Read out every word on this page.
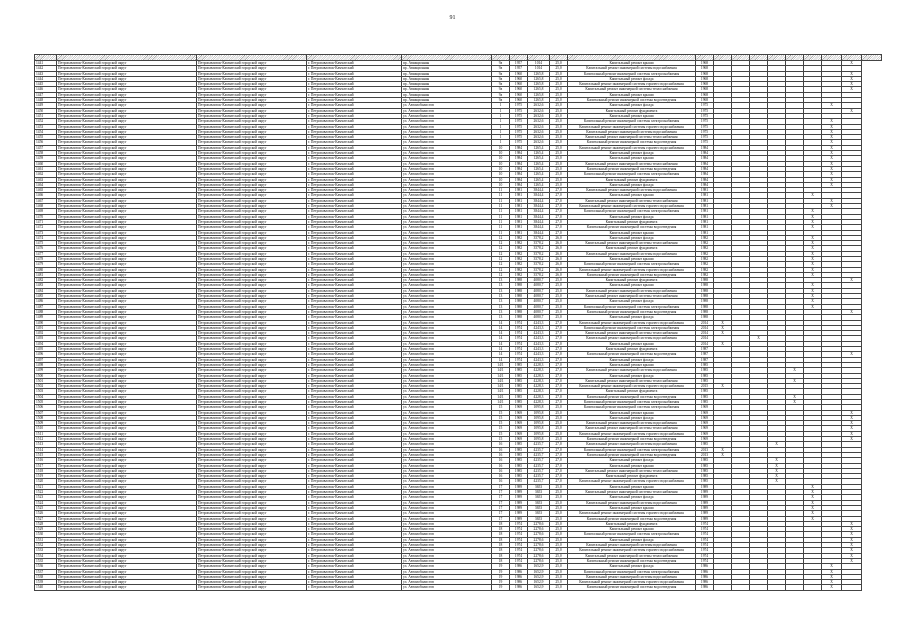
91

1441	Петропавловск-Камчатский городской округ	Петропавловск-Камчатский городской округ	г. Петропавловск-Камчатский	пр. Авиационная	9а	1957	1014	25,0	Капитальный ремонт крыши	1968								X	
1442	Петропавловск-Камчатский городской округ	Петропавловск-Камчатский городской округ	г. Петропавловск-Камчатский	пр. Авиационная	9а	1957	1014	25,0	Капитальный ремонт инженерной системы водоснабжения	1968									
1443	Петропавловск-Камчатский городской округ	Петропавловск-Камчатский городской округ	г. Петропавловск-Камчатский	пр. Авиационная	9а	1960	1265,8	25,0	Капитальный ремонт инженерной системы электроснабжения	1968								X	
1444	Петропавловск-Камчатский городской округ	Петропавловск-Камчатский городской округ	г. Петропавловск-Камчатский	пр. Авиационная	9а	1960	1265,8	25,0	Капитальный ремонт фасада	1968								X	
1445	Петропавловск-Камчатский городской округ	Петропавловск-Камчатский городской округ	г. Петропавловск-Камчатский	пр. Авиационная	9а	1960	1265,8	25,0	Капитальный ремонт инженерной системы горячего водоснабжения	1968								X	
1446	Петропавловск-Камчатский городской округ	Петропавловск-Камчатский городской округ	г. Петропавловск-Камчатский	пр. Авиационная	9а	1960	1265,8	25,0	Капитальный ремонт инженерной системы теплоснабжения	1968								X	
1447	Петропавловск-Камчатский городской округ	Петропавловск-Камчатский городской округ	г. Петропавловск-Камчатский	пр. Авиационная	9а	1960	1265,8	25,0	Капитальный ремонт крыши	1968									
1448	Петропавловск-Камчатский городской округ	Петропавловск-Камчатский городской округ	г. Петропавловск-Камчатский	пр. Авиационная	9а	1960	1265,8	25,0	Капитальный ремонт инженерной системы водоотведения	1968									
1449	Петропавловск-Камчатский городской округ	Петропавловск-Камчатский городской округ	г. Петропавловск-Камчатский	ул. Автомобилистов	1	1975	2632,6	25,0	Капитальный ремонт фасада	1975							X		
1450	Петропавловск-Камчатский городской округ	Петропавловск-Камчатский городской округ	г. Петропавловск-Камчатский	ул. Автомобилистов	1	1975	2632,6	25,0	Капитальный ремонт фундамента	1975								X	
1451	Петропавловск-Камчатский городской округ	Петропавловск-Камчатский городской округ	г. Петропавловск-Камчатский	ул. Автомобилистов	1	1975	2632,6	25,0	Капитальный ремонт крыши	1975									
1452	Петропавловск-Камчатский городской округ	Петропавловск-Камчатский городской округ	г. Петропавловск-Камчатский	ул. Автомобилистов	1	1975	2632,6	25,0	Капитальный ремонт инженерной системы электроснабжения	1975							X		
1453	Петропавловск-Камчатский городской округ	Петропавловск-Камчатский городской округ	г. Петропавловск-Камчатский	ул. Автомобилистов	1	1975	2632,6	25,0	Капитальный ремонт инженерной системы горячего водоснабжения	1975							X		
1454	Петропавловск-Камчатский городской округ	Петропавловск-Камчатский городской округ	г. Петропавловск-Камчатский	ул. Автомобилистов	1	1975	2632,6	25,0	Капитальный ремонт инженерной системы водоснабжения	1975							X		
1455	Петропавловск-Камчатский городской округ	Петропавловск-Камчатский городской округ	г. Петропавловск-Камчатский	ул. Автомобилистов	1	1975	2632,6	25,0	Капитальный ремонт инженерной системы теплоснабжения	1975							X		
1456	Петропавловск-Камчатский городской округ	Петропавловск-Камчатский городской округ	г. Петропавловск-Камчатский	ул. Автомобилистов	1	1975	2632,6	25,0	Капитальный ремонт инженерной системы водоотведения	1975							X		
1457	Петропавловск-Камчатский городской округ	Петропавловск-Камчатский городской округ	г. Петропавловск-Камчатский	ул. Автомобилистов	10	1984	1265,4	25,0	Капитальный ремонт инженерной системы горячего водоснабжения	1984							X		
1458	Петропавловск-Камчатский городской округ	Петропавловск-Камчатский городской округ	г. Петропавловск-Камчатский	ул. Автомобилистов	10	1984	1265,4	25,0	Капитальный ремонт фасада	1984							X		
1459	Петропавловск-Камчатский городской округ	Петропавловск-Камчатский городской округ	г. Петропавловск-Камчатский	ул. Автомобилистов	10	1984	1265,4	25,0	Капитальный ремонт крыши	1984							X		
1460	Петропавловск-Камчатский городской округ	Петропавловск-Камчатский городской округ	г. Петропавловск-Камчатский	ул. Автомобилистов	10	1984	1265,4	25,0	Капитальный ремонт инженерной системы теплоснабжения	1984							X		
1461	Петропавловск-Камчатский городской округ	Петропавловск-Камчатский городской округ	г. Петропавловск-Камчатский	ул. Автомобилистов	10	1984	1265,4	25,0	Капитальный ремонт инженерной системы водоотведения	1984							X		
1462	Петропавловск-Камчатский городской округ	Петропавловск-Камчатский городской округ	г. Петропавловск-Камчатский	ул. Автомобилистов	10	1984	1265,4	25,0	Капитальный ремонт инженерной системы электроснабжения	1984							X		
1463	Петропавловск-Камчатский городской округ	Петропавловск-Камчатский городской округ	г. Петропавловск-Камчатский	ул. Автомобилистов	10	1984	1265,4	25,0	Капитальный ремонт фундамента	1984							X		
1464	Петропавловск-Камчатский городской округ	Петропавловск-Камчатский городской округ	г. Петропавловск-Камчатский	ул. Автомобилистов	10	1984	1265,4	25,0	Капитальный ремонт фасада	1984							X		
1465	Петропавловск-Камчатский городской округ	Петропавловск-Камчатский городской округ	г. Петропавловск-Камчатский	ул. Автомобилистов	11	1981	3844,4	27,0	Капитальный ремонт инженерной системы водоснабжения	1981									
1466	Петропавловск-Камчатский городской округ	Петропавловск-Камчатский городской округ	г. Петропавловск-Камчатский	ул. Автомобилистов	11	1981	3844,4	27,0	Капитальный ремонт крыши	1981						X			
1467	Петропавловск-Камчатский городской округ	Петропавловск-Камчатский городской округ	г. Петропавловск-Камчатский	ул. Автомобилистов	11	1981	3844,4	27,0	Капитальный ремонт инженерной системы теплоснабжения	1981							X		
1468	Петропавловск-Камчатский городской округ	Петропавловск-Камчатский городской округ	г. Петропавловск-Камчатский	ул. Автомобилистов	11	1981	3844,4	27,0	Капитальный ремонт инженерной системы горячего водоснабжения	1981							X		
1469	Петропавловск-Камчатский городской округ	Петропавловск-Камчатский городской округ	г. Петропавловск-Камчатский	ул. Автомобилистов	11	1981	3844,4	27,0	Капитальный ремонт инженерной системы электроснабжения	1981						X			
1470	Петропавловск-Камчатский городской округ	Петропавловск-Камчатский городской округ	г. Петропавловск-Камчатский	ул. Автомобилистов	11	1981	3844,4	27,0	Капитальный ремонт фасада	1981						X			
1471	Петропавловск-Камчатский городской округ	Петропавловск-Камчатский городской округ	г. Петропавловск-Камчатский	ул. Автомобилистов	11	1981	3844,4	27,0	Капитальный ремонт фундамента	1981						X			
1472	Петропавловск-Камчатский городской округ	Петропавловск-Камчатский городской округ	г. Петропавловск-Камчатский	ул. Автомобилистов	11	1981	3844,4	27,0	Капитальный ремонт инженерной системы водоотведения	1981						X			
1473	Петропавловск-Камчатский городской округ	Петропавловск-Камчатский городской округ	г. Петропавловск-Камчатский	ул. Автомобилистов	11	1981	3844,4	27,0	Капитальный ремонт крыши	1981									
1474	Петропавловск-Камчатский городской округ	Петропавловск-Камчатский городской округ	г. Петропавловск-Камчатский	ул. Автомобилистов	12	1982	3578,2	26,0	Капитальный ремонт фасада	1982						X			
1475	Петропавловск-Камчатский городской округ	Петропавловск-Камчатский городской округ	г. Петропавловск-Камчатский	ул. Автомобилистов	12	1982	3578,2	26,0	Капитальный ремонт инженерной системы теплоснабжения	1982						X			
1476	Петропавловск-Камчатский городской округ	Петропавловск-Камчатский городской округ	г. Петропавловск-Камчатский	ул. Автомобилистов	12	1982	3578,2	26,0	Капитальный ремонт фундамента	1982						X			
1477	Петропавловск-Камчатский городской округ	Петропавловск-Камчатский городской округ	г. Петропавловск-Камчатский	ул. Автомобилистов	12	1982	3578,2	26,0	Капитальный ремонт инженерной системы водоснабжения	1982						X			
1478	Петропавловск-Камчатский городской округ	Петропавловск-Камчатский городской округ	г. Петропавловск-Камчатский	ул. Автомобилистов	12	1982	3578,2	26,0	Капитальный ремонт крыши	1982						X			
1479	Петропавловск-Камчатский городской округ	Петропавловск-Камчатский городской округ	г. Петропавловск-Камчатский	ул. Автомобилистов	12	1982	3578,2	26,0	Капитальный ремонт инженерной системы электроснабжения	1982						X			
1480	Петропавловск-Камчатский городской округ	Петропавловск-Камчатский городской округ	г. Петропавловск-Камчатский	ул. Автомобилистов	12	1982	3578,2	26,0	Капитальный ремонт инженерной системы горячего водоснабжения	1982						X			
1481	Петропавловск-Камчатский городской округ	Петропавловск-Камчатский городской округ	г. Петропавловск-Камчатский	ул. Автомобилистов	12	1982	3578,2	26,0	Капитальный ремонт инженерной системы водоотведения	1982						X			
1482	Петропавловск-Камчатский городской округ	Петропавловск-Камчатский городской округ	г. Петропавловск-Камчатский	ул. Автомобилистов	13	1988	4080,7	25,0	Капитальный ремонт фундамента	1988								X	
1483	Петропавловск-Камчатский городской округ	Петропавловск-Камчатский городской округ	г. Петропавловск-Камчатский	ул. Автомобилистов	13	1988	4080,7	25,0	Капитальный ремонт крыши	1988						X			
1484	Петропавловск-Камчатский городской округ	Петропавловск-Камчатский городской округ	г. Петропавловск-Камчатский	ул. Автомобилистов	13	1988	4080,7	25,0	Капитальный ремонт инженерной системы водоснабжения	1988						X			
1485	Петропавловск-Камчатский городской округ	Петропавловск-Камчатский городской округ	г. Петропавловск-Камчатский	ул. Автомобилистов	13	1988	4080,7	25,0	Капитальный ремонт инженерной системы теплоснабжения	1988						X			
1486	Петропавловск-Камчатский городской округ	Петропавловск-Камчатский городской округ	г. Петропавловск-Камчатский	ул. Автомобилистов	13	1988	4080,7	25,0	Капитальный ремонт фасада	1988						X			
1487	Петропавловск-Камчатский городской округ	Петропавловск-Камчатский городской округ	г. Петропавловск-Камчатский	ул. Автомобилистов	13	1988	4080,7	25,0	Капитальный ремонт инженерной системы электроснабжения	1988						X			
1488	Петропавловск-Камчатский городской округ	Петропавловск-Камчатский городской округ	г. Петропавловск-Камчатский	ул. Автомобилистов	13	1988	4080,7	25,0	Капитальный ремонт инженерной системы водоотведения	1988								X	
1489	Петропавловск-Камчатский городской округ	Петропавловск-Камчатский городской округ	г. Петропавловск-Камчатский	ул. Автомобилистов	13	1988	4080,7	25,0	Капитальный ремонт фасада	1988									
1490	Петропавловск-Камчатский городской округ	Петропавловск-Камчатский городской округ	г. Петропавловск-Камчатский	ул. Автомобилистов	14	1974	4243,3	27,0	Капитальный ремонт инженерной системы горячего водоснабжения	2014	X								
1491	Петропавловск-Камчатский городской округ	Петропавловск-Камчатский городской округ	г. Петропавловск-Камчатский	ул. Автомобилистов	14	1974	4243,3	27,0	Капитальный ремонт инженерной системы электроснабжения	2014	X								
1492	Петропавловск-Камчатский городской округ	Петропавловск-Камчатский городской округ	г. Петропавловск-Камчатский	ул. Автомобилистов	14	1974	4243,3	27,0	Капитальный ремонт инженерной системы теплоснабжения	2014	X								
1493	Петропавловск-Камчатский городской округ	Петропавловск-Камчатский городской округ	г. Петропавловск-Камчатский	ул. Автомобилистов	14	1974	4243,3	27,0	Капитальный ремонт инженерной системы водоснабжения	2014			X						
1494	Петропавловск-Камчатский городской округ	Петропавловск-Камчатский городской округ	г. Петропавловск-Камчатский	ул. Автомобилистов	14	1974	4243,3	27,0	Капитальный ремонт крыши	2014	X								
1495	Петропавловск-Камчатский городской округ	Петропавловск-Камчатский городской округ	г. Петропавловск-Камчатский	ул. Автомобилистов	14	1974	4243,3	27,0	Капитальный ремонт фундамента	1987									
1496	Петропавловск-Камчатский городской округ	Петропавловск-Камчатский городской округ	г. Петропавловск-Камчатский	ул. Автомобилистов	14	1974	4243,3	27,0	Капитальный ремонт инженерной системы водоотведения	1987								X	
1497	Петропавловск-Камчатский городской округ	Петропавловск-Камчатский городской округ	г. Петропавловск-Камчатский	ул. Автомобилистов	14	1974	4243,3	27,0	Капитальный ремонт фасада	1987									
1498	Петропавловск-Камчатский городской округ	Петропавловск-Камчатский городской округ	г. Петропавловск-Камчатский	ул. Автомобилистов	14/1	1985	4228,3	27,0	Капитальный ремонт крыши	1985									
1499	Петропавловск-Камчатский городской округ	Петропавловск-Камчатский городской округ	г. Петропавловск-Камчатский	ул. Автомобилистов	14/1	1985	4228,3	27,0	Капитальный ремонт инженерной системы водоснабжения	1985					X				
1500	Петропавловск-Камчатский городской округ	Петропавловск-Камчатский городской округ	г. Петропавловск-Камчатский	ул. Автомобилистов	14/1	1985	4228,3	27,0	Капитальный ремонт фасада	1985									
1501	Петропавловск-Камчатский городской округ	Петропавловск-Камчатский городской округ	г. Петропавловск-Камчатский	ул. Автомобилистов	14/1	1985	4228,3	27,0	Капитальный ремонт инженерной системы теплоснабжения	1985					X				
1502	Петропавловск-Камчатский городской округ	Петропавловск-Камчатский городской округ	г. Петропавловск-Камчатский	ул. Автомобилистов	14/1	1985	4228,3	27,0	Капитальный ремонт инженерной системы горячего водоснабжения	2015	X								
1503	Петропавловск-Камчатский городской округ	Петропавловск-Камчатский городской округ	г. Петропавловск-Камчатский	ул. Автомобилистов	14/1	1985	4228,3	27,0	Капитальный ремонт фундамента	1985									
1504	Петропавловск-Камчатский городской округ	Петропавловск-Камчатский городской округ	г. Петропавловск-Камчатский	ул. Автомобилистов	14/1	1985	4228,3	27,0	Капитальный ремонт инженерной системы водоотведения	1985					X				
1505	Петропавловск-Камчатский городской округ	Петропавловск-Камчатский городской округ	г. Петропавловск-Камчатский	ул. Автомобилистов	14/1	1985	4228,3	27,0	Капитальный ремонт инженерной системы электроснабжения	1985					X				
1506	Петропавловск-Камчатский городской округ	Петропавловск-Камчатский городской округ	г. Петропавловск-Камчатский	ул. Автомобилистов	15	1969	1095,8	25,0	Капитальный ремонт инженерной системы электроснабжения	1969									
1507	Петропавловск-Камчатский городской округ	Петропавловск-Камчатский городской округ	г. Петропавловск-Камчатский	ул. Автомобилистов	15	1969	1095,8	25,0	Капитальный ремонт крыши	1969								X	
1508	Петропавловск-Камчатский городской округ	Петропавловск-Камчатский городской округ	г. Петропавловск-Камчатский	ул. Автомобилистов	15	1969	1095,8	25,0	Капитальный ремонт фасада	1969								X	
1509	Петропавловск-Камчатский городской округ	Петропавловск-Камчатский городской округ	г. Петропавловск-Камчатский	ул. Автомобилистов	15	1969	1095,8	25,0	Капитальный ремонт инженерной системы водоснабжения	1969								X	
1510	Петропавловск-Камчатский городской округ	Петропавловск-Камчатский городской округ	г. Петропавловск-Камчатский	ул. Автомобилистов	15	1969	1095,8	25,0	Капитальный ремонт инженерной системы теплоснабжения	1969								X	
1511	Петропавловск-Камчатский городской округ	Петропавловск-Камчатский городской округ	г. Петропавловск-Камчатский	ул. Автомобилистов	15	1969	1095,8	25,0	Капитальный ремонт инженерной системы горячего водоснабжения	1969								X	
1512	Петропавловск-Камчатский городской округ	Петропавловск-Камчатский городской округ	г. Петропавловск-Камчатский	ул. Автомобилистов	15	1969	1095,8	25,0	Капитальный ремонт инженерной системы водоотведения	1969								X	
1513	Петропавловск-Камчатский городской округ	Петропавловск-Камчатский городской округ	г. Петропавловск-Камчатский	ул. Автомобилистов	16	1985	4235,7	27,0	Капитальный ремонт инженерной системы водоснабжения	1985				X					
1514	Петропавловск-Камчатский городской округ	Петропавловск-Камчатский городской округ	г. Петропавловск-Камчатский	ул. Автомобилистов	16	1985	4235,7	27,0	Капитальный ремонт инженерной системы электроснабжения	2013	X								
1515	Петропавловск-Камчатский городской округ	Петропавловск-Камчатский городской округ	г. Петропавловск-Камчатский	ул. Автомобилистов	16	1985	4235,7	27,0	Капитальный ремонт инженерной системы водоотведения	2013	X								
1516	Петропавловск-Камчатский городской округ	Петропавловск-Камчатский городской округ	г. Петропавловск-Камчатский	ул. Автомобилистов	16	1985	4235,7	27,0	Капитальный ремонт фасада	1985				X					
1517	Петропавловск-Камчатский городской округ	Петропавловск-Камчатский городской округ	г. Петропавловск-Камчатский	ул. Автомобилистов	16	1985	4235,7	27,0	Капитальный ремонт крыши	1985				X					
1518	Петропавловск-Камчатский городской округ	Петропавловск-Камчатский городской округ	г. Петропавловск-Камчатский	ул. Автомобилистов	16	1985	4235,7	27,0	Капитальный ремонт инженерной системы теплоснабжения	1985				X					
1519	Петропавловск-Камчатский городской округ	Петропавловск-Камчатский городской округ	г. Петропавловск-Камчатский	ул. Автомобилистов	16	1985	4235,7	27,0	Капитальный ремонт фундамента	1985				X					
1520	Петропавловск-Камчатский городской округ	Петропавловск-Камчатский городской округ	г. Петропавловск-Камчатский	ул. Автомобилистов	16	1985	4235,7	27,0	Капитальный ремонт инженерной системы горячего водоснабжения	1985				X					
1521	Петропавловск-Камчатский городской округ	Петропавловск-Камчатский городской округ	г. Петропавловск-Камчатский	ул. Автомобилистов	17	1989	3653	25,0	Капитальный ремонт крыши	1989						X			
1522	Петропавловск-Камчатский городской округ	Петропавловск-Камчатский городской округ	г. Петропавловск-Камчатский	ул. Автомобилистов	17	1989	3653	25,0	Капитальный ремонт инженерной системы теплоснабжения	1989						X			
1523	Петропавловск-Камчатский городской округ	Петропавловск-Камчатский городской округ	г. Петропавловск-Камчатский	ул. Автомобилистов	17	1989	3653	25,0	Капитальный ремонт фасада	1989						X			
1524	Петропавловск-Камчатский городской округ	Петропавловск-Камчатский городской округ	г. Петропавловск-Камчатский	ул. Автомобилистов	17	1989	3653	25,0	Капитальный ремонт инженерной системы водоснабжения	1989						X			
1525	Петропавловск-Камчатский городской округ	Петропавловск-Камчатский городской округ	г. Петропавловск-Камчатский	ул. Автомобилистов	17	1989	3653	25,0	Капитальный ремонт крыши	1989						X			
1526	Петропавловск-Камчатский городской округ	Петропавловск-Камчатский городской округ	г. Петропавловск-Камчатский	ул. Автомобилистов	17	1989	3653	25,0	Капитальный ремонт инженерной системы горячего водоснабжения	1989						X			
1527	Петропавловск-Камчатский городской округ	Петропавловск-Камчатский городской округ	г. Петропавловск-Камчатский	ул. Автомобилистов	17	1989	3653	25,0	Капитальный ремонт инженерной системы водоотведения	1989						X			
1528	Петропавловск-Камчатский городской округ	Петропавловск-Камчатский городской округ	г. Петропавловск-Камчатский	ул. Автомобилистов	18	1974	2278,6	25,0	Капитальный ремонт фундамента	1974								X	
1529	Петропавловск-Камчатский городской округ	Петропавловск-Камчатский городской округ	г. Петропавловск-Камчатский	ул. Автомобилистов	18	1974	2278,6	25,0	Капитальный ремонт крыши	1974								X	
1530	Петропавловск-Камчатский городской округ	Петропавловск-Камчатский городской округ	г. Петропавловск-Камчатский	ул. Автомобилистов	18	1974	2278,6	25,0	Капитальный ремонт инженерной системы электроснабжения	1974								X	
1531	Петропавловск-Камчатский городской округ	Петропавловск-Камчатский городской округ	г. Петропавловск-Камчатский	ул. Автомобилистов	18	1974	2278,6	25,0	Капитальный ремонт фасада	1974								X	
1532	Петропавловск-Камчатский городской округ	Петропавловск-Камчатский городской округ	г. Петропавловск-Камчатский	ул. Автомобилистов	18	1974	2278,6	25,0	Капитальный ремонт инженерной системы водоснабжения	1974								X	
1533	Петропавловск-Камчатский городской округ	Петропавловск-Камчатский городской округ	г. Петропавловск-Камчатский	ул. Автомобилистов	18	1974	2278,6	25,0	Капитальный ремонт инженерной системы горячего водоснабжения	1974								X	
1534	Петропавловск-Камчатский городской округ	Петропавловск-Камчатский городской округ	г. Петропавловск-Камчатский	ул. Автомобилистов	18	1974	2278,6	25,0	Капитальный ремонт инженерной системы теплоснабжения	1974								X	
1535	Петропавловск-Камчатский городской округ	Петропавловск-Камчатский городской округ	г. Петропавловск-Камчатский	ул. Автомобилистов	18	1974	2278,6	25,0	Капитальный ремонт инженерной системы водоотведения	1974								X	
1536	Петропавловск-Камчатский городской округ	Петропавловск-Камчатский городской округ	г. Петропавловск-Камчатский	ул. Автомобилистов	19	1986	1652,9	25,0	Капитальный ремонт фасада	1986							X		
1537	Петропавловск-Камчатский городской округ	Петропавловск-Камчатский городской округ	г. Петропавловск-Камчатский	ул. Автомобилистов	19	1986	1652,9	25,0	Капитальный ремонт инженерной системы электроснабжения	1986							X		
1538	Петропавловск-Камчатский городской округ	Петропавловск-Камчатский городской округ	г. Петропавловск-Камчатский	ул. Автомобилистов	19	1986	1652,9	25,0	Капитальный ремонт инженерной системы водоснабжения	1986							X		
1539	Петропавловск-Камчатский городской округ	Петропавловск-Камчатский городской округ	г. Петропавловск-Камчатский	ул. Автомобилистов	19	1986	1652,9	25,0	Капитальный ремонт инженерной системы горячего водоснабжения	1986							X		
1540	Петропавловск-Камчатский городской округ	Петропавловск-Камчатский городской округ	г. Петропавловск-Камчатский	ул. Автомобилистов	19	1986	1652,9	25,0	Капитальный ремонт инженерной системы водоотведения	1986							X		
